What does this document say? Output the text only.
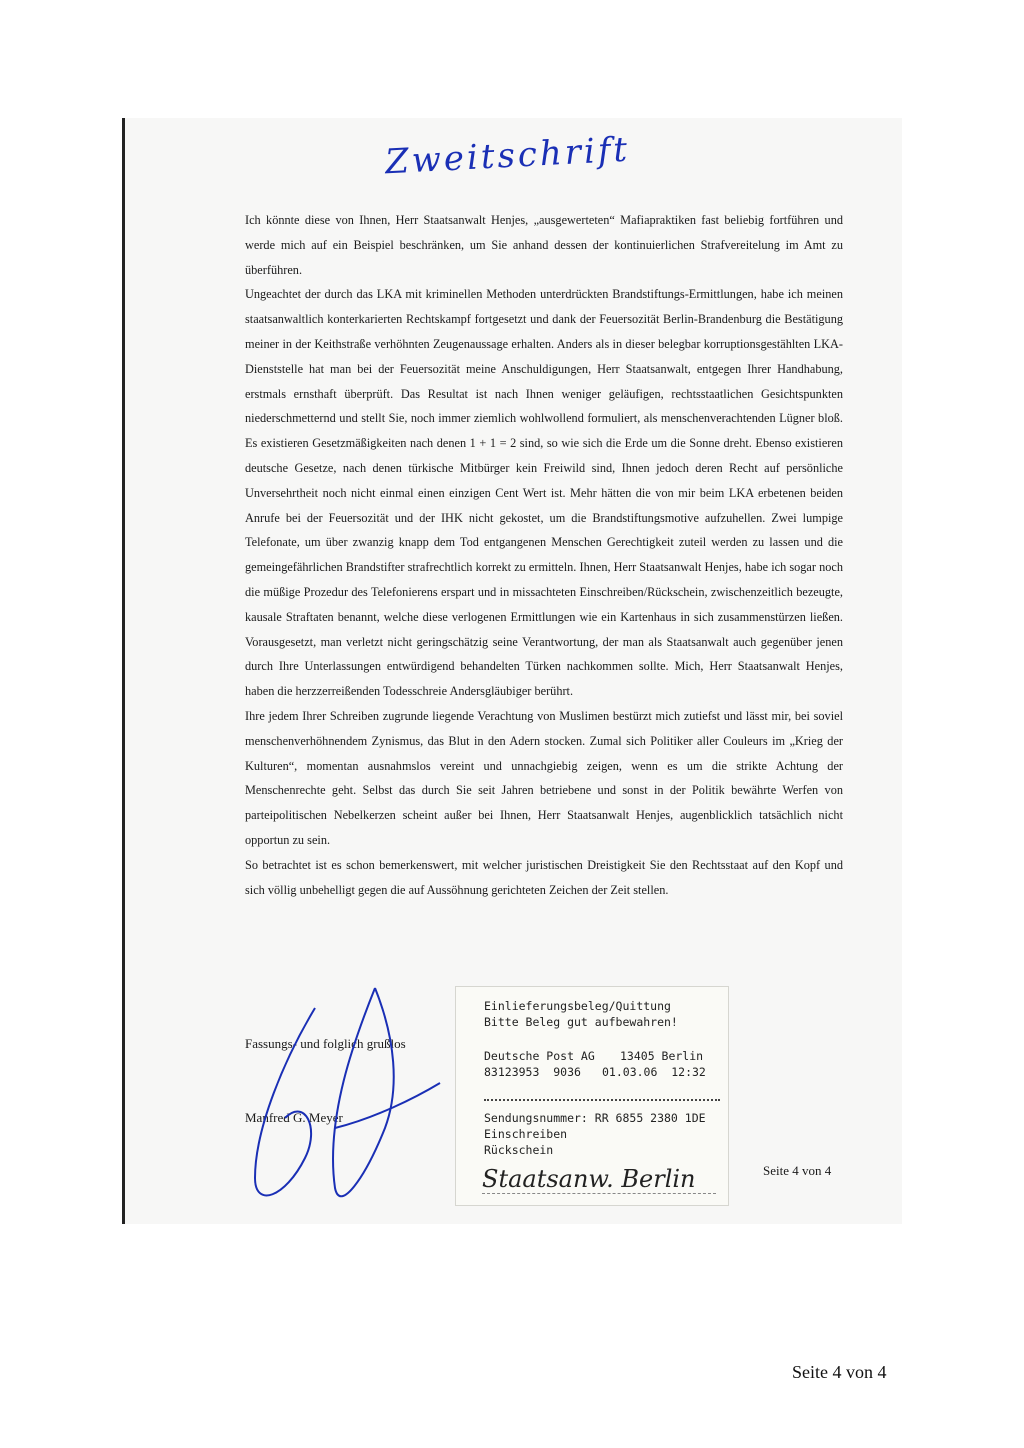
Zweitschrift

Ich könnte diese von Ihnen, Herr Staatsanwalt Henjes, „ausgewerteten“ Mafiapraktiken fast beliebig fortführen und werde mich auf ein Beispiel beschränken, um Sie anhand dessen der kontinuierlichen Strafvereitelung im Amt zu überführen.

Ungeachtet der durch das LKA mit kriminellen Methoden unterdrückten Brandstiftungs-Ermittlungen, habe ich meinen staatsanwaltlich konterkarierten Rechtskampf fortgesetzt und dank der Feuersozität Berlin-Brandenburg die Bestätigung meiner in der Keithstraße verhöhnten Zeugenaussage erhalten. Anders als in dieser belegbar korruptionsgestählten LKA-Dienststelle hat man bei der Feuersozität meine Anschuldigungen, Herr Staatsanwalt, entgegen Ihrer Handhabung, erstmals ernsthaft überprüft. Das Resultat ist nach Ihnen weniger geläufigen, rechtsstaatlichen Gesichtspunkten niederschmetternd und stellt Sie, noch immer ziemlich wohlwollend formuliert, als menschenverachtenden Lügner bloß. Es existieren Gesetzmäßigkeiten nach denen 1 + 1 = 2 sind, so wie sich die Erde um die Sonne dreht. Ebenso existieren deutsche Gesetze, nach denen türkische Mitbürger kein Freiwild sind, Ihnen jedoch deren Recht auf persönliche Unversehrtheit noch nicht einmal einen einzigen Cent Wert ist. Mehr hätten die von mir beim LKA erbetenen beiden Anrufe bei der Feuersozität und der IHK nicht gekostet, um die Brandstiftungsmotive aufzuhellen. Zwei lumpige Telefonate, um über zwanzig knapp dem Tod entgangenen Menschen Gerechtigkeit zuteil werden zu lassen und die gemeingefährlichen Brandstifter strafrechtlich korrekt zu ermitteln. Ihnen, Herr Staatsanwalt Henjes, habe ich sogar noch die müßige Prozedur des Telefonierens erspart und in missachteten Einschreiben/Rückschein, zwischenzeitlich bezeugte, kausale Straftaten benannt, welche diese verlogenen Ermittlungen wie ein Kartenhaus in sich zusammenstürzen ließen. Vorausgesetzt, man verletzt nicht geringschätzig seine Verantwortung, der man als Staatsanwalt auch gegenüber jenen durch Ihre Unterlassungen entwürdigend behandelten Türken nachkommen sollte. Mich, Herr Staatsanwalt Henjes, haben die herzzerreißenden Todesschreie Andersgläubiger berührt.

Ihre jedem Ihrer Schreiben zugrunde liegende Verachtung von Muslimen bestürzt mich zutiefst und lässt mir, bei soviel menschenverhöhnendem Zynismus, das Blut in den Adern stocken. Zumal sich Politiker aller Couleurs im „Krieg der Kulturen“, momentan ausnahmslos vereint und unnachgiebig zeigen, wenn es um die strikte Achtung der Menschenrechte geht. Selbst das durch Sie seit Jahren betriebene und sonst in der Politik bewährte Werfen von parteipolitischen Nebelkerzen scheint außer bei Ihnen, Herr Staatsanwalt Henjes, augenblicklich tatsächlich nicht opportun zu sein.

So betrachtet ist es schon bemerkenswert, mit welcher juristischen Dreistigkeit Sie den Rechtsstaat auf den Kopf und sich völlig unbehelligt gegen die auf Aussöhnung gerichteten Zeichen der Zeit stellen.

Fassungs- und folglich grußlos
Manfred G. Meyer
Einlieferungsbeleg/Quittung
Bitte Beleg gut aufbewahren!
Deutsche Post AG 13405 Berlin
83123953  9036 01.03.06  12:32
Sendungsnummer: RR 6855 2380 1DE
Einschreiben
Rückschein
Staatsanw. Berlin	Seite 4 von 4
Seite 4 von 4
